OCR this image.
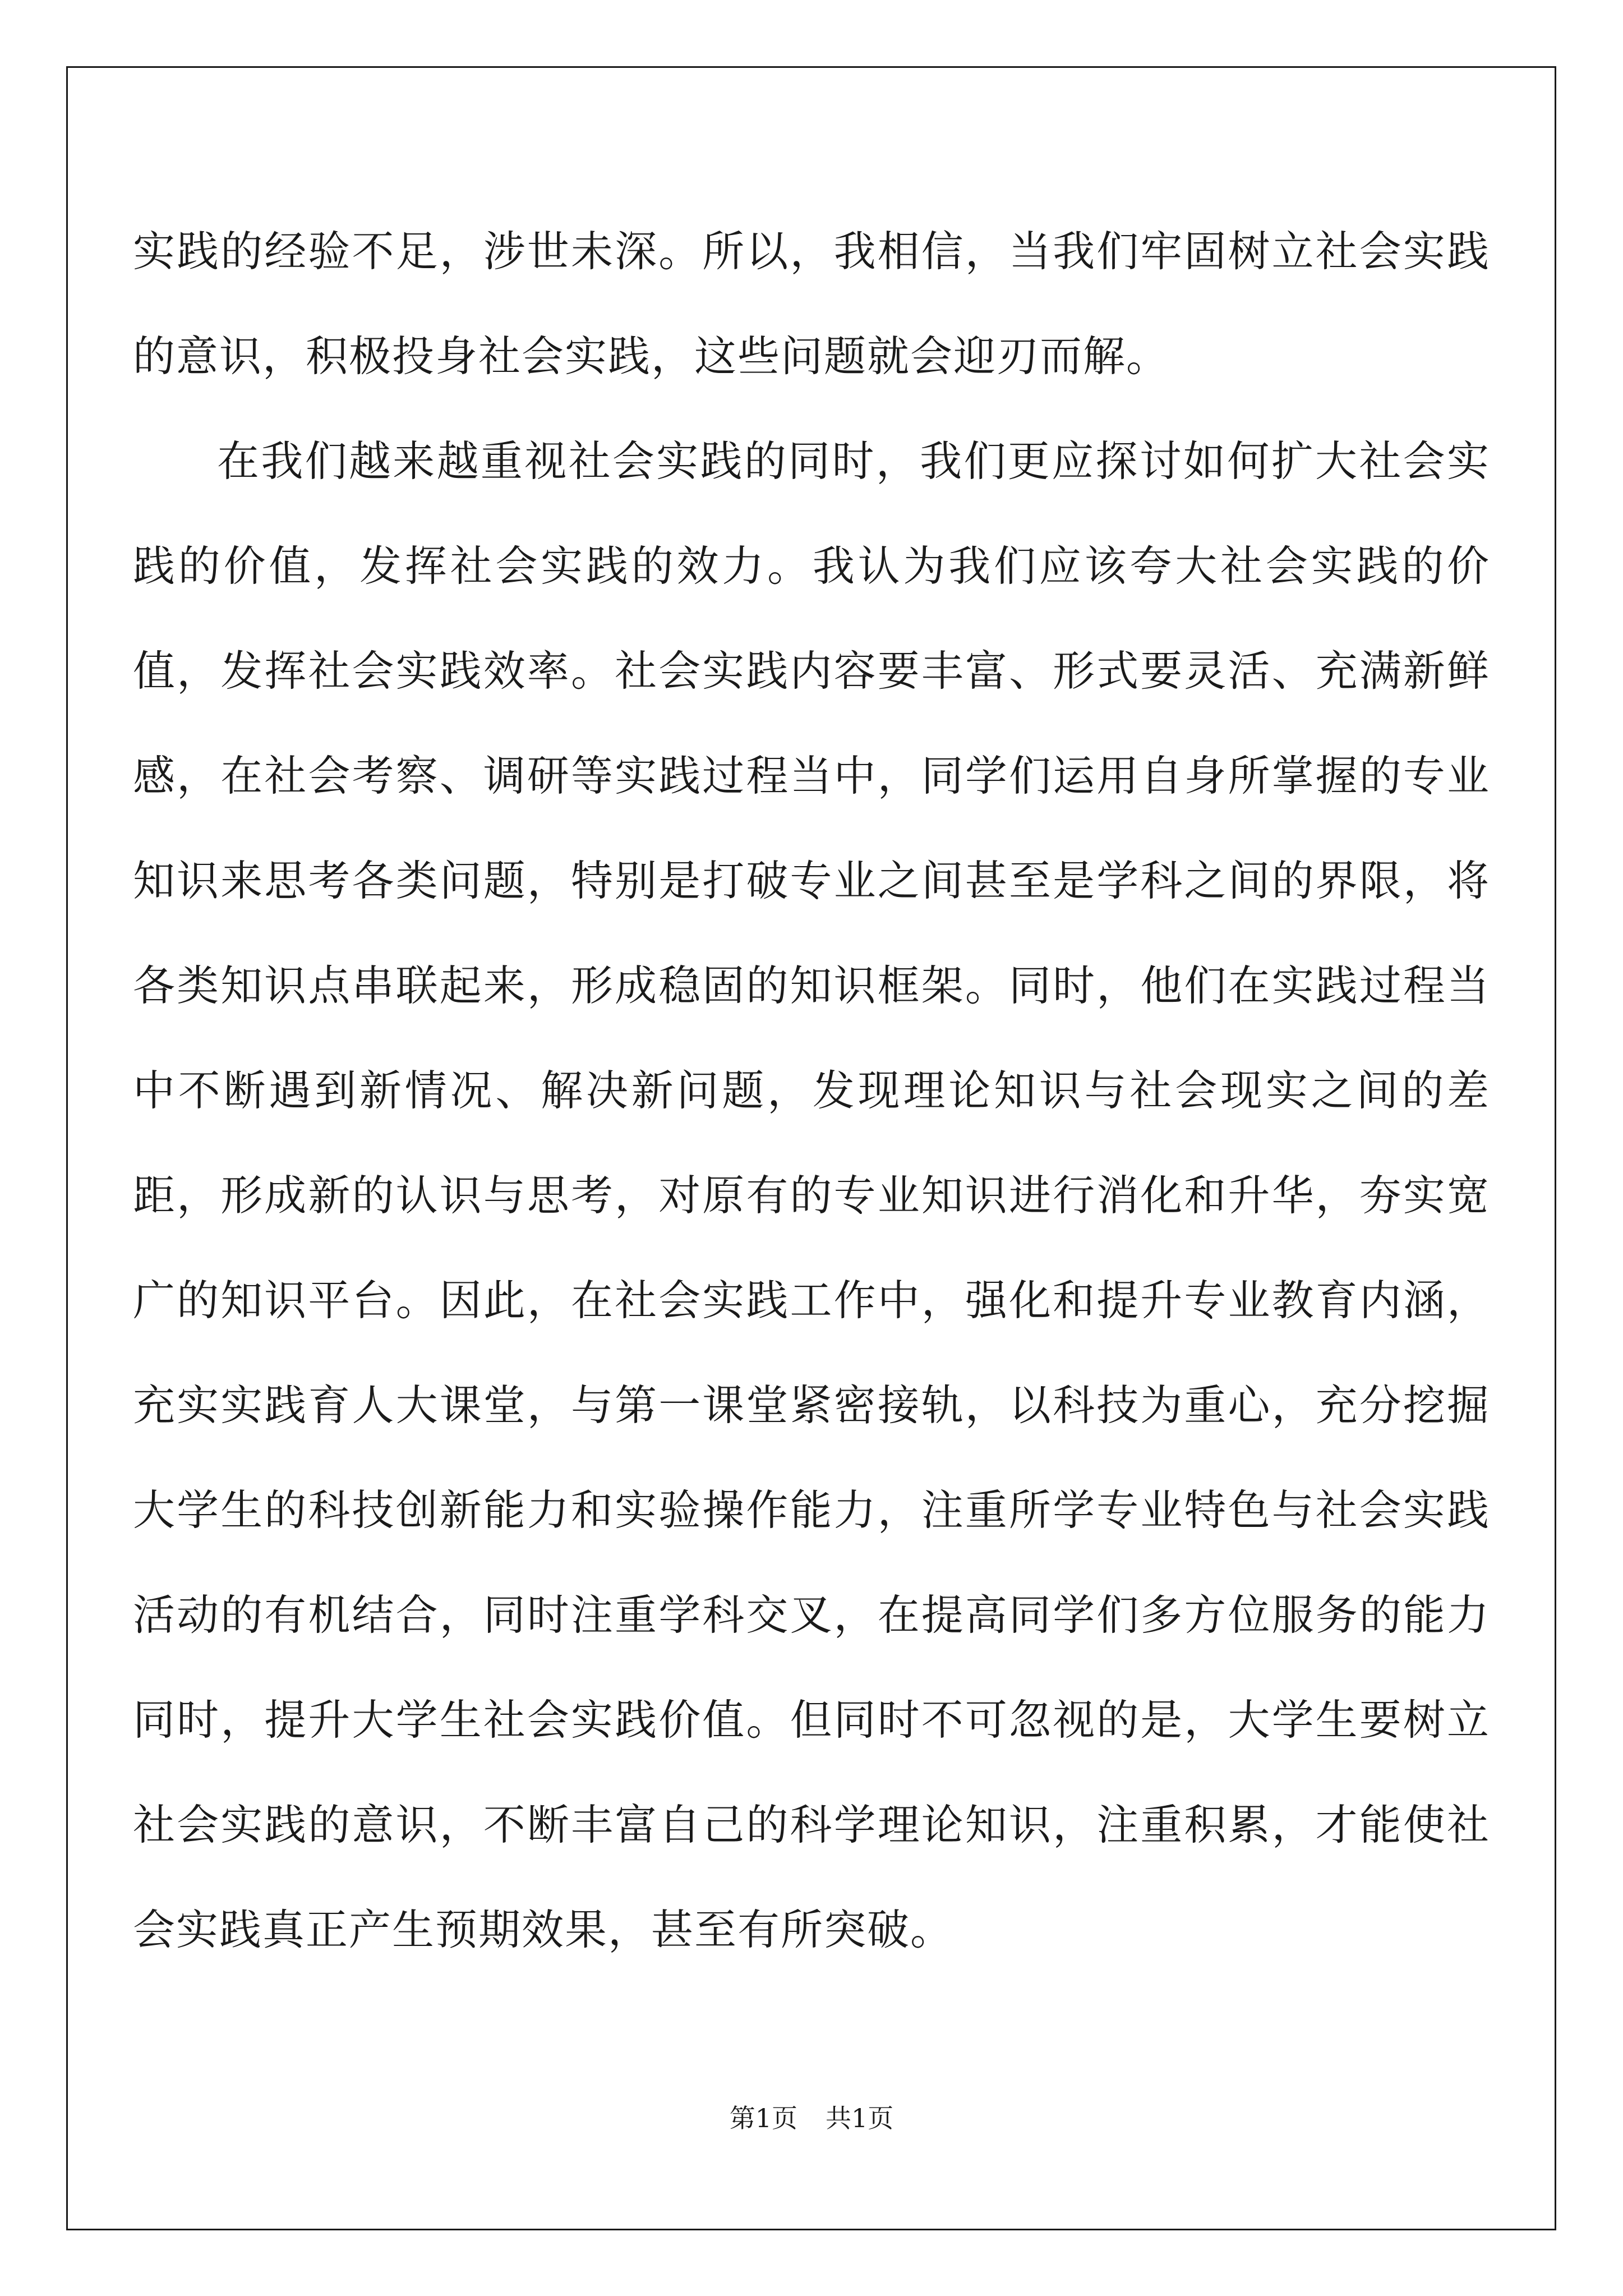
实践的经验不足，涉世未深。所以，我相信，当我们牢固树立社会实践的意识，积极投身社会实践，这些问题就会迎刃而解。

在我们越来越重视社会实践的同时，我们更应探讨如何扩大社会实践的价值，发挥社会实践的效力。我认为我们应该夸大社会实践的价值，发挥社会实践效率。社会实践内容要丰富、形式要灵活、充满新鲜感，在社会考察、调研等实践过程当中，同学们运用自身所掌握的专业知识来思考各类问题，特别是打破专业之间甚至是学科之间的界限，将各类知识点串联起来，形成稳固的知识框架。同时，他们在实践过程当中不断遇到新情况、解决新问题，发现理论知识与社会现实之间的差距，形成新的认识与思考，对原有的专业知识进行消化和升华，夯实宽广的知识平台。因此，在社会实践工作中，强化和提升专业教育内涵，充实实践育人大课堂，与第一课堂紧密接轨，以科技为重心，充分挖掘大学生的科技创新能力和实验操作能力，注重所学专业特色与社会实践活动的有机结合，同时注重学科交叉，在提高同学们多方位服务的能力同时，提升大学生社会实践价值。但同时不可忽视的是，大学生要树立社会实践的意识，不断丰富自己的科学理论知识，注重积累，才能使社会实践真正产生预期效果，甚至有所突破。

第1页 共1页
